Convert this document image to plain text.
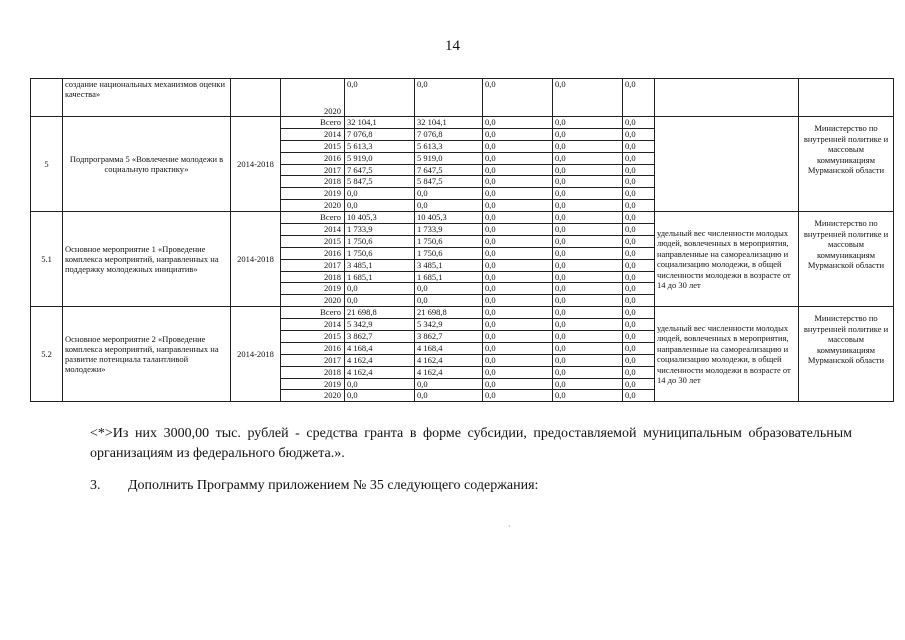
14
	создание национальных механизмов оценки качества»		2020	0,0	0,0	0,0	0,0	0,0		
5	Подпрограмма 5 «Вовлечение молодежи в социальную практику»	2014-2018	Всего	32 104,1	32 104,1	0,0	0,0	0,0		Министерство по внутренней политике и массовым коммуникациям Мурманской области
			2014	7 076,8	7 076,8	0,0	0,0	0,0		
			2015	5 613,3	5 613,3	0,0	0,0	0,0		
			2016	5 919,0	5 919,0	0,0	0,0	0,0		
			2017	7 647,5	7 647,5	0,0	0,0	0,0		
			2018	5 847,5	5 847,5	0,0	0,0	0,0		
			2019	0,0	0,0	0,0	0,0	0,0		
			2020	0,0	0,0	0,0	0,0	0,0		
5.1	Основное мероприятие 1 «Проведение комплекса мероприятий, направленных на поддержку молодежных инициатив»	2014-2018	Всего	10 405,3	10 405,3	0,0	0,0	0,0	удельный вес численности молодых людей, вовлеченных в мероприятия, направленные на самореализацию и социализацию молодежи, в общей численности молодежи в возрасте от 14 до 30 лет	Министерство по внутренней политике и массовым коммуникациям Мурманской области
			2014	1 733,9	1 733,9	0,0	0,0	0,0		
			2015	1 750,6	1 750,6	0,0	0,0	0,0		
			2016	1 750,6	1 750,6	0,0	0,0	0,0		
			2017	3 485,1	3 485,1	0,0	0,0	0,0		
			2018	1 685,1	1 685,1	0,0	0,0	0,0		
			2019	0,0	0,0	0,0	0,0	0,0		
			2020	0,0	0,0	0,0	0,0	0,0		
5.2	Основное мероприятие 2 «Проведение комплекса мероприятий, направленных на развитие потенциала талантливой молодежи»	2014-2018	Всего	21 698,8	21 698,8	0,0	0,0	0,0	удельный вес численности молодых людей, вовлеченных в мероприятия, направленные на самореализацию и социализацию молодежи, в общей численности молодежи в возрасте от 14 до 30 лет	Министерство по внутренней политике и массовым коммуникациям Мурманской области
			2014	5 342,9	5 342,9	0,0	0,0	0,0		
			2015	3 862,7	3 862,7	0,0	0,0	0,0		
			2016	4 168,4	4 168,4	0,0	0,0	0,0		
			2017	4 162,4	4 162,4	0,0	0,0	0,0		
			2018	4 162,4	4 162,4	0,0	0,0	0,0		
			2019	0,0	0,0	0,0	0,0	0,0		
			2020	0,0	0,0	0,0	0,0	0,0		
<*>Из них 3000,00 тыс. рублей - средства гранта в форме субсидии, предоставляемой муниципальным образовательным организациям из федерального бюджета.».
3. Дополнить Программу приложением № 35 следующего содержания:
·
